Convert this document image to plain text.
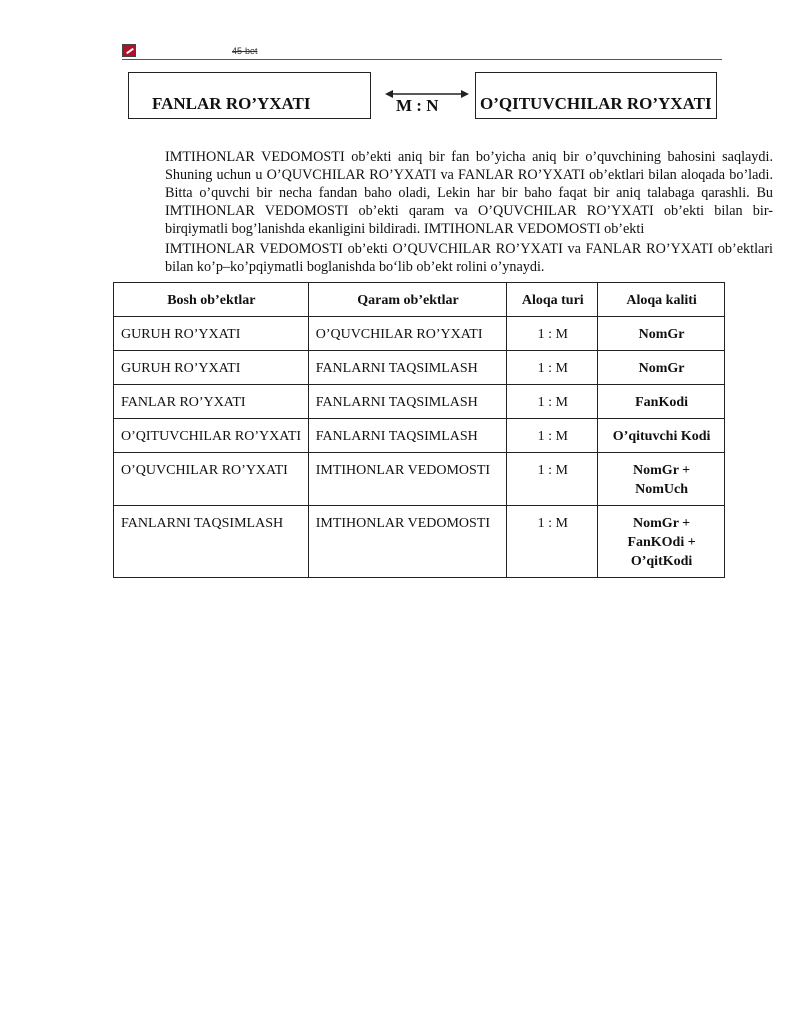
45-bet
FANLAR RO’YXATI	M : N O’QITUVCHILAR RO’YXATI
IMTIHONLAR VEDOMOSTI ob’ekti aniq bir fan bo’yicha aniq bir o’quvchining bahosini saqlaydi. Shuning uchun u O’QUVCHILAR RO’YXATI va FANLAR RO’YXATI ob’ektlari bilan aloqada bo’ladi. Bitta o’quvchi bir necha fandan baho oladi, Lekin har bir baho faqat bir aniq talabaga qarashli. Bu IMTIHONLAR VEDOMOSTI ob’ekti qaram va O’QUVCHILAR RO’YXATI ob’ekti bilan bir-birqiymatli bog’lanishda ekanligini bildiradi. IMTIHONLAR VEDOMOSTI ob’ekti
IMTIHONLAR VEDOMOSTI ob’ekti O’QUVCHILAR RO’YXATI va FANLAR RO’YXATI ob’ektlari bilan ko’p–ko’pqiymatli boglanishda bo‘lib ob’ekt rolini o’ynaydi.
Bosh ob’ektlar	Qaram ob’ektlar	Aloqa turi	Aloqa kaliti
GURUH RO’YXATI	O’QUVCHILAR RO’YXATI	1 : M	NomGr
GURUH RO’YXATI	FANLARNI TAQSIMLASH	1 : M	NomGr
FANLAR RO’YXATI	FANLARNI TAQSIMLASH	1 : M	FanKodi
O’QITUVCHILAR RO’YXATI	FANLARNI TAQSIMLASH	1 : M	O’qituvchi Kodi
O’QUVCHILAR RO’YXATI	IMTIHONLAR VEDOMOSTI	1 : M	NomGr + NomUch
FANLARNI TAQSIMLASH	IMTIHONLAR VEDOMOSTI	1 : M	NomGr + FanKOdi + O’qitKodi
